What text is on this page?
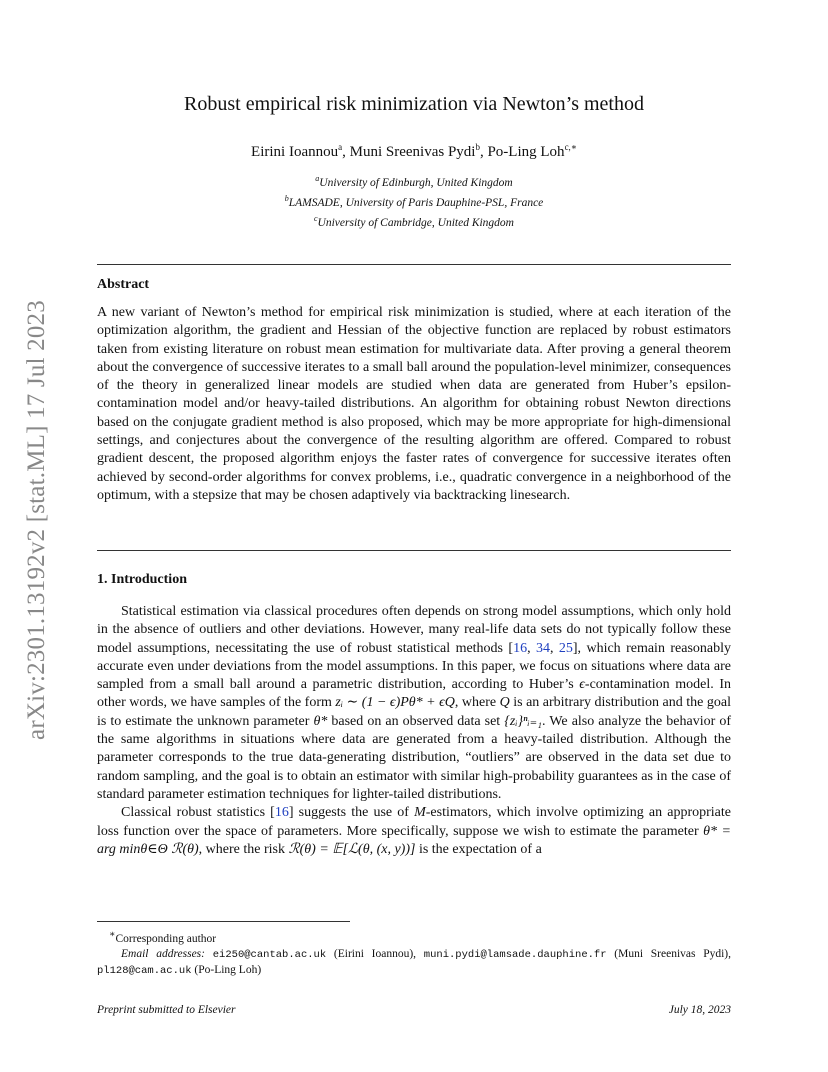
arXiv:2301.13192v2 [stat.ML] 17 Jul 2023
Robust empirical risk minimization via Newton’s method
Eirini Ioannou$^a$, Muni Sreenivas Pydi$^b$, Po-Ling Loh$^{c,∗}$
$^a$University of Edinburgh, United Kingdom
$^b$LAMSADE, University of Paris Dauphine-PSL, France
$^c$University of Cambridge, United Kingdom
Abstract
A new variant of Newton’s method for empirical risk minimization is studied, where at each iteration of the optimization algorithm, the gradient and Hessian of the objective function are replaced by robust estimators taken from existing literature on robust mean estimation for multivariate data. After proving a general theorem about the convergence of successive iterates to a small ball around the population-level minimizer, consequences of the theory in generalized linear models are studied when data are generated from Huber’s epsilon-contamination model and/or heavy-tailed distributions. An algorithm for obtaining robust Newton directions based on the conjugate gradient method is also proposed, which may be more appropriate for high-dimensional settings, and conjectures about the convergence of the resulting algorithm are offered. Compared to robust gradient descent, the proposed algorithm enjoys the faster rates of convergence for successive iterates often achieved by second-order algorithms for convex problems, i.e., quadratic convergence in a neighborhood of the optimum, with a stepsize that may be chosen adaptively via backtracking linesearch.
1. Introduction

Statistical estimation via classical procedures often depends on strong model assumptions, which only hold in the absence of outliers and other deviations. However, many real-life data sets do not typically follow these model assumptions, necessitating the use of robust statistical methods [16, 34, 25], which remain reasonably accurate even under deviations from the model assumptions. In this paper, we focus on situations where data are sampled from a small ball around a parametric distribution, according to Huber’s ϵ-contamination model. In other words, we have samples of the form zᵢ ∼ (1 − ϵ)Pθ* + ϵQ, where Q is an arbitrary distribution and the goal is to estimate the unknown parameter θ* based on an observed data set {zᵢ}ⁿᵢ₌₁. We also analyze the behavior of the same algorithms in situations where data are generated from a heavy-tailed distribution. Although the parameter corresponds to the true data-generating distribution, “outliers” are observed in the data set due to random sampling, and the goal is to obtain an estimator with similar high-probability guarantees as in the case of standard parameter estimation techniques for lighter-tailed distributions.

Classical robust statistics [16] suggests the use of M-estimators, which involve optimizing an appropriate loss function over the space of parameters. More specifically, suppose we wish to estimate the parameter θ* = arg minθ∈Θ ℛ(θ), where the risk ℛ(θ) = 𝔼[ℒ(θ, (x, y))] is the expectation of a

∗Corresponding author

Email addresses: ei250@cantab.ac.uk (Eirini Ioannou), muni.pydi@lamsade.dauphine.fr (Muni Sreenivas Pydi), pl128@cam.ac.uk (Po-Ling Loh)

Preprint submitted to Elsevier	July 18, 2023
